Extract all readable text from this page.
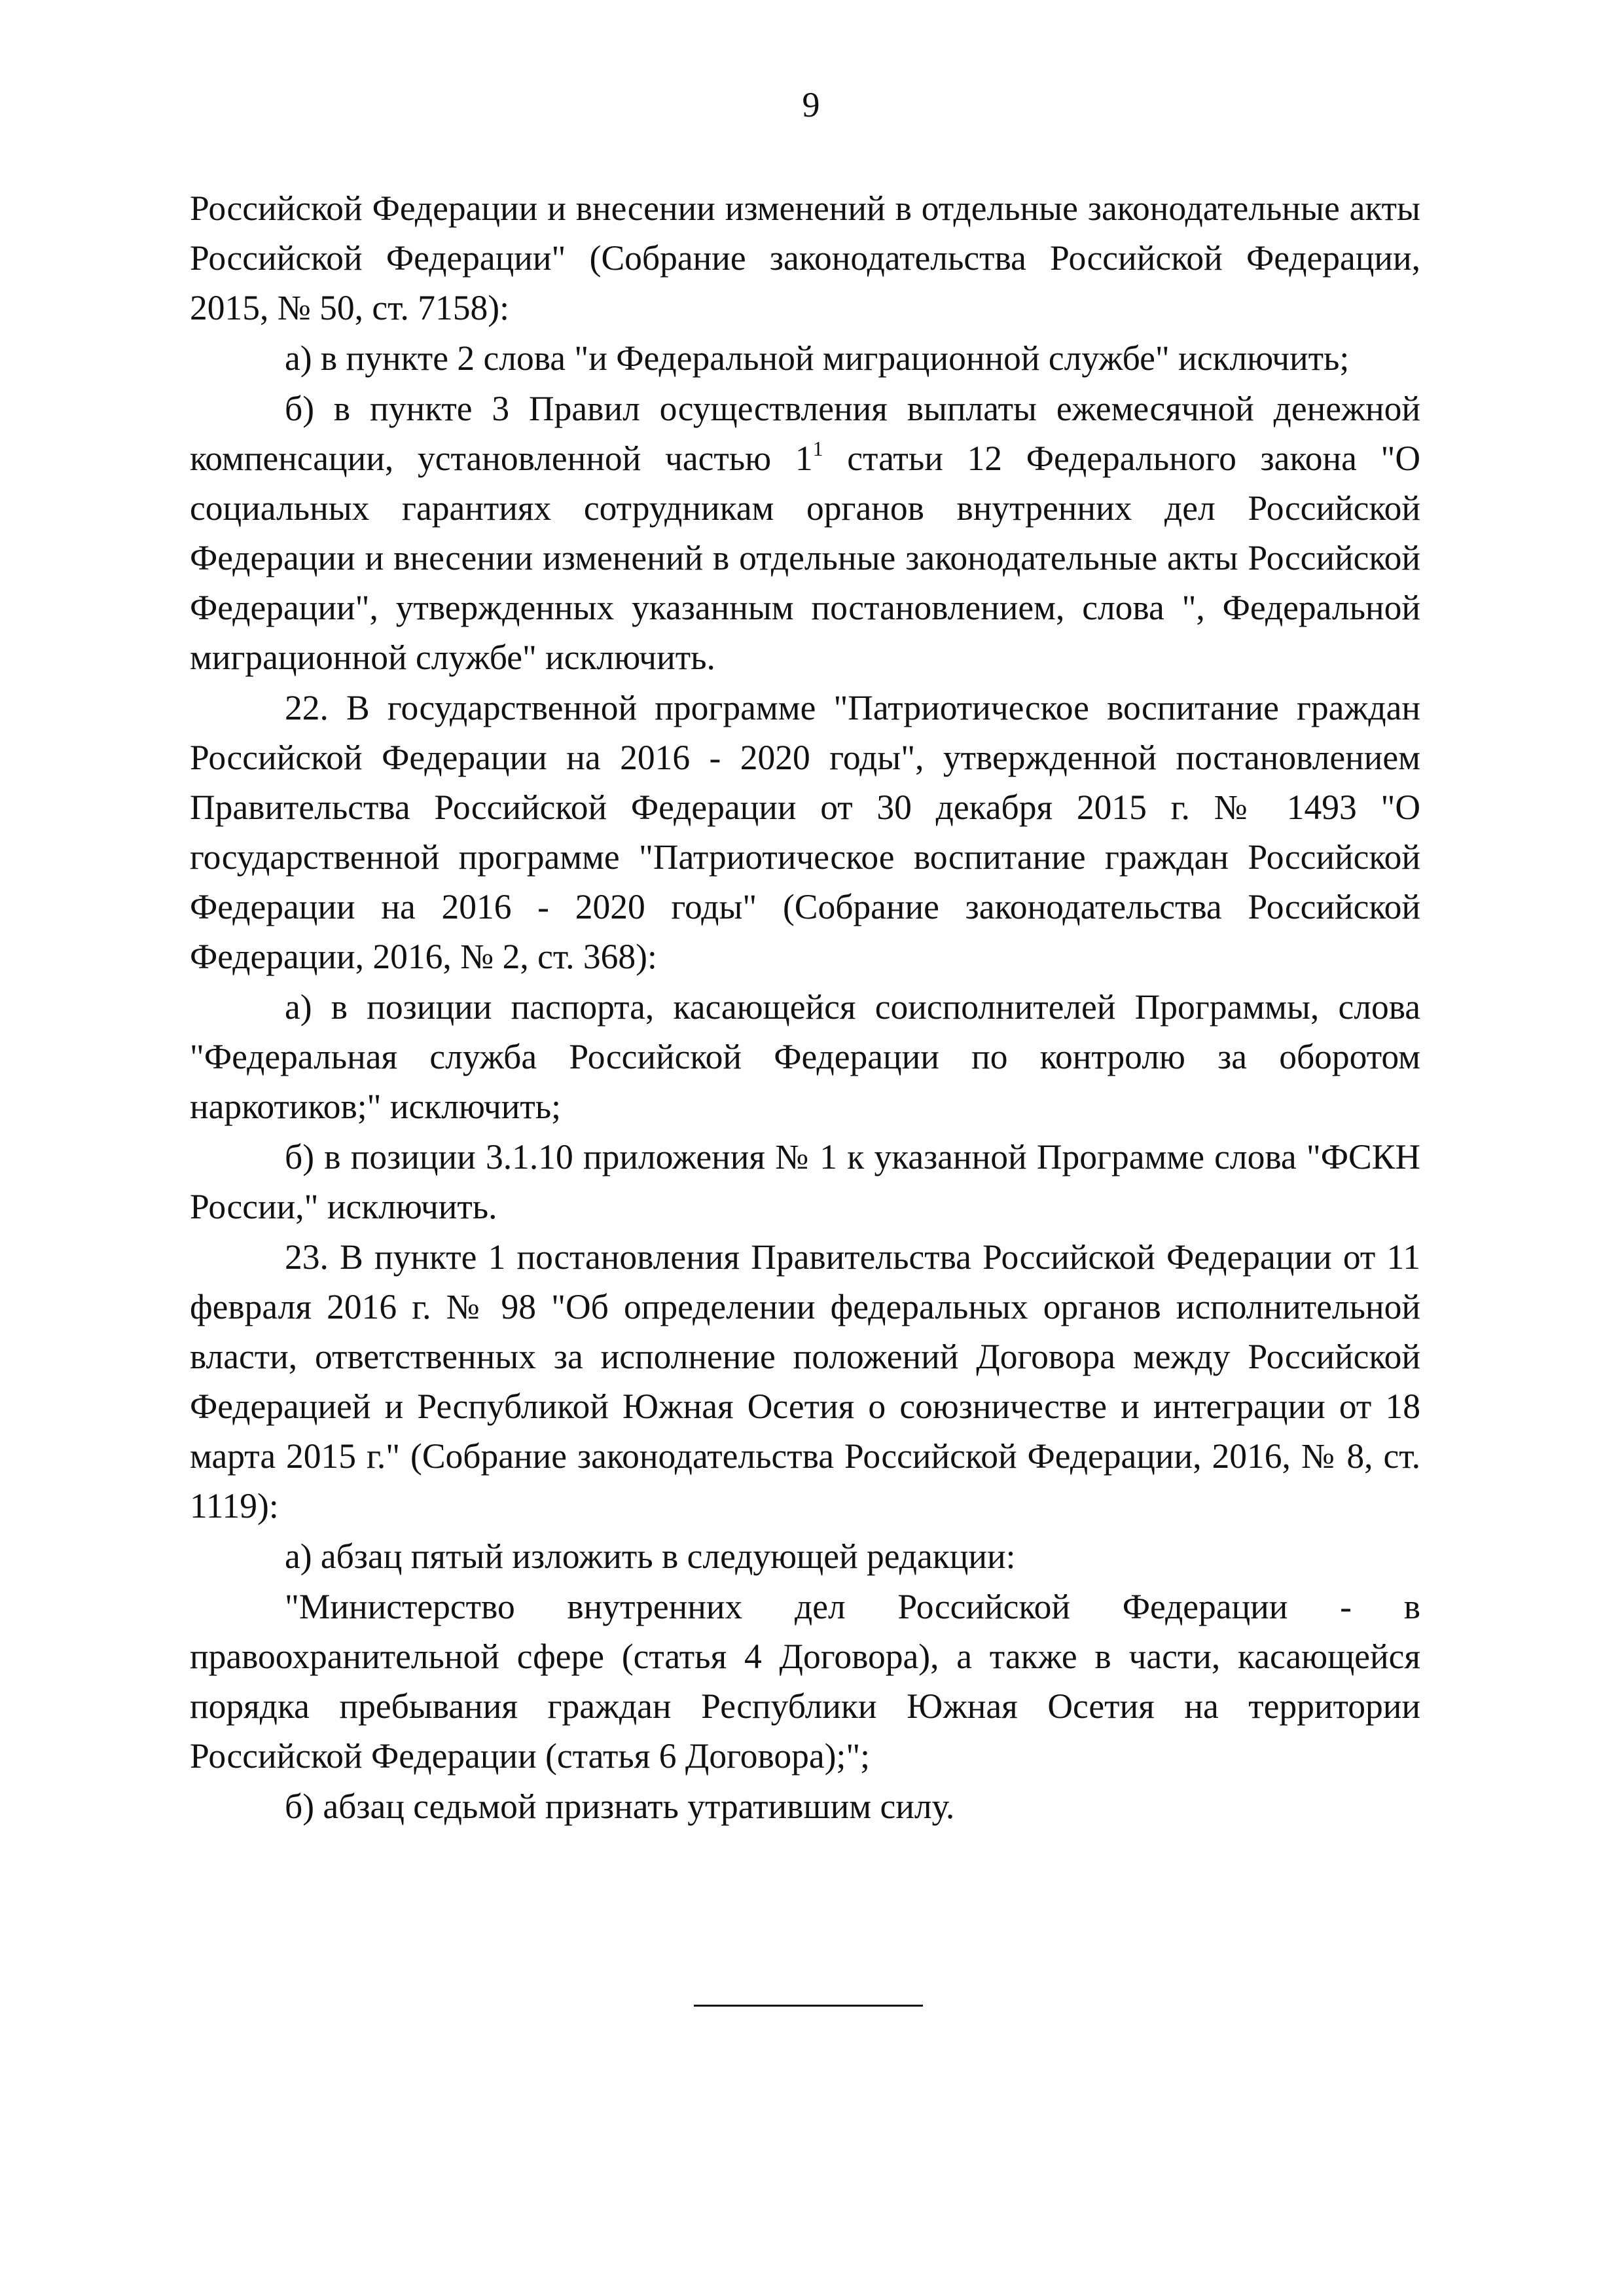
9

Российской Федерации и внесении изменений в отдельные законодательные акты Российской Федерации" (Собрание законодательства Российской Федерации, 2015, № 50, ст. 7158):

а) в пункте 2 слова "и Федеральной миграционной службе" исключить;

б) в пункте 3 Правил осуществления выплаты ежемесячной денежной компенсации, установленной частью $1^1$ статьи 12 Федерального закона "О социальных гарантиях сотрудникам органов внутренних дел Российской Федерации и внесении изменений в отдельные законодательные акты Российской Федерации", утвержденных указанным постановлением, слова ", Федеральной миграционной службе" исключить.

22. В государственной программе "Патриотическое воспитание граждан Российской Федерации на 2016 - 2020 годы", утвержденной постановлением Правительства Российской Федерации от 30 декабря 2015 г. № 1493 "О государственной программе "Патриотическое воспитание граждан Российской Федерации на 2016 - 2020 годы" (Собрание законодательства Российской Федерации, 2016, № 2, ст. 368):

а) в позиции паспорта, касающейся соисполнителей Программы, слова "Федеральная служба Российской Федерации по контролю за оборотом наркотиков;" исключить;

б) в позиции 3.1.10 приложения № 1 к указанной Программе слова "ФСКН России," исключить.

23. В пункте 1 постановления Правительства Российской Федерации от 11 февраля 2016 г. № 98 "Об определении федеральных органов исполнительной власти, ответственных за исполнение положений Договора между Российской Федерацией и Республикой Южная Осетия о союзничестве и интеграции от 18 марта 2015 г." (Собрание законодательства Российской Федерации, 2016, № 8, ст. 1119):

а) абзац пятый изложить в следующей редакции:

"Министерство внутренних дел Российской Федерации - в правоохранительной сфере (статья 4 Договора), а также в части, касающейся порядка пребывания граждан Республики Южная Осетия на территории Российской Федерации (статья 6 Договора);";

б) абзац седьмой признать утратившим силу.
